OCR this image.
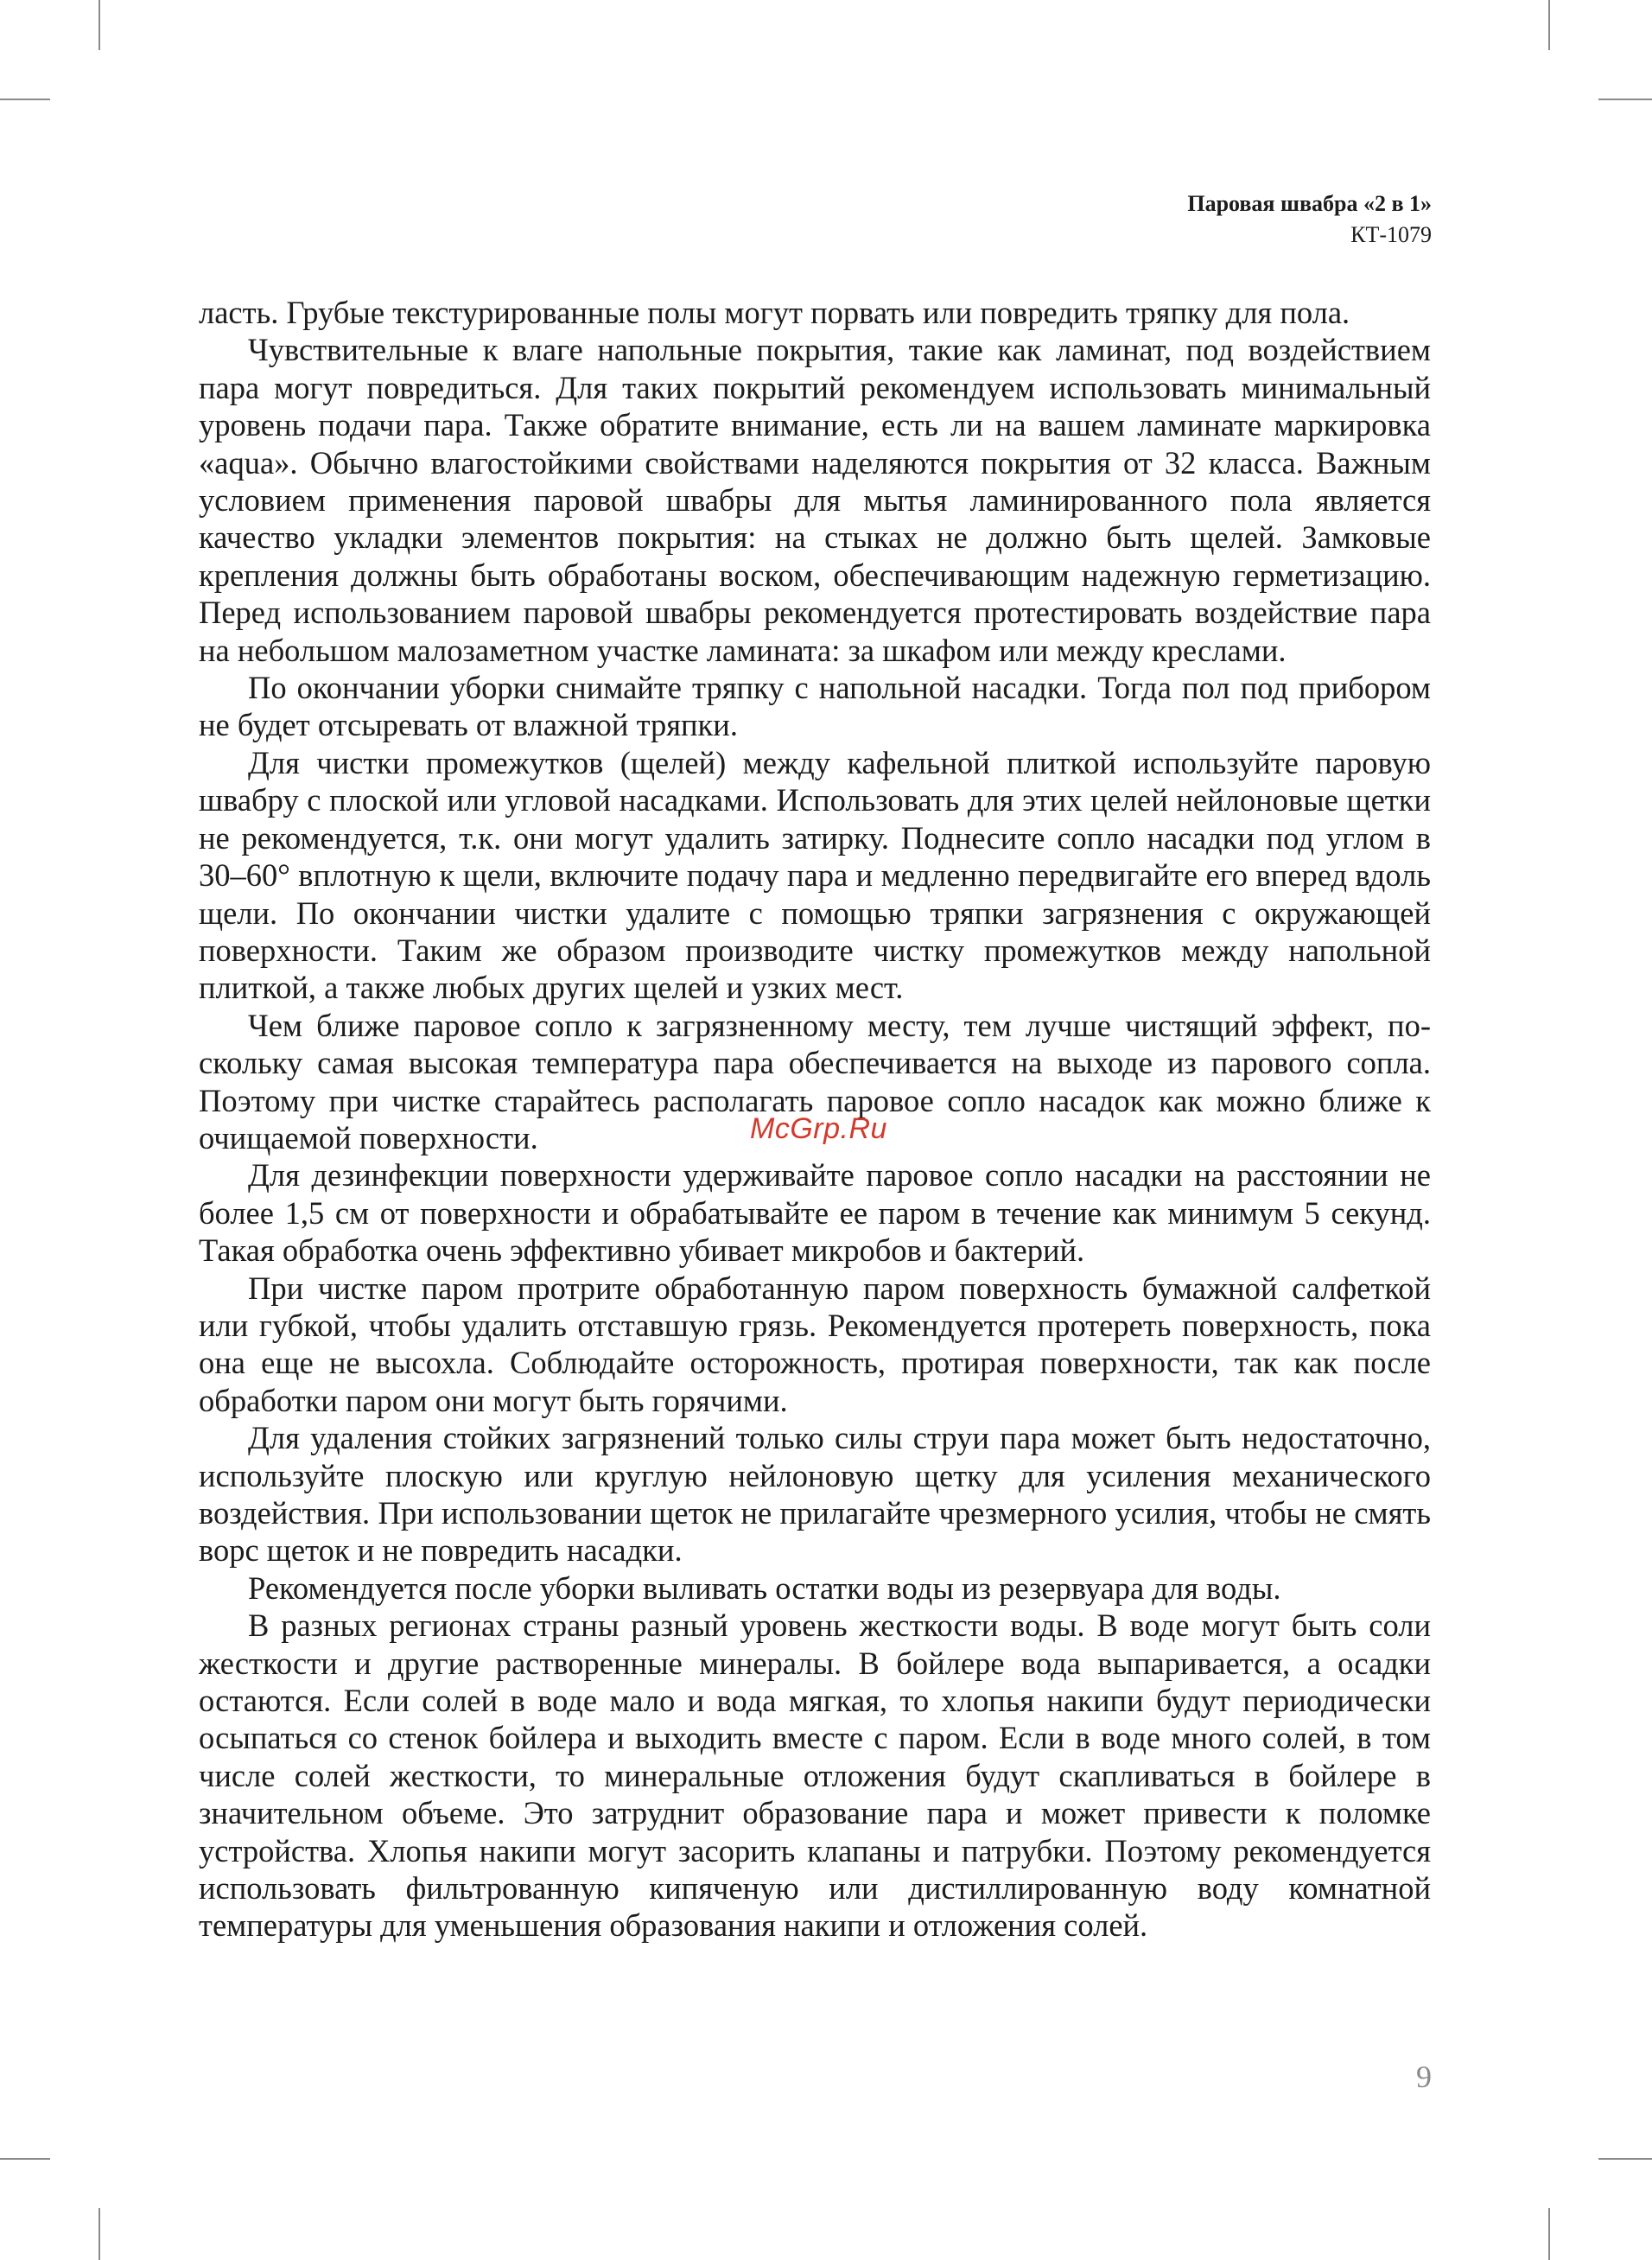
Паровая швабра «2 в 1»
КТ-1079

ласть. Грубые текстурированные полы могут порвать или повредить тряпку для пола.

Чувствительные к влаге напольные покрытия, такие как ламинат, под воздействием пара могут повредиться. Для таких покрытий рекомендуем использовать минимальный уровень подачи пара. Также обратите внимание, есть ли на вашем ламинате маркировка «aqua». Обычно влагостойкими свойствами наделяются покрытия от 32 класса. Важным условием применения паровой швабры для мытья ламинированного пола является качество укладки элементов покрытия: на стыках не должно быть щелей. Замковые крепления должны быть обработаны воском, обеспечивающим надежную герметизацию. Перед использованием паровой швабры рекомендуется протестировать воздействие пара на небольшом малозаметном участке ламината: за шкафом или между креслами.

По окончании уборки снимайте тряпку с напольной насадки. Тогда пол под прибором не будет отсыревать от влажной тряпки.

Для чистки промежутков (щелей) между кафельной плиткой используйте паровую швабру с плоской или угловой насадками. Использовать для этих целей нейлоновые щетки не рекомендуется, т.к. они могут удалить затирку. Поднесите сопло насадки под углом в 30–60° вплотную к щели, включите подачу пара и медленно передвигайте его вперед вдоль щели. По окончании чистки удалите с помощью тряпки загрязнения с окружающей поверхности. Таким же образом производите чистку промежутков между напольной плиткой, а также любых других щелей и узких мест.

Чем ближе паровое сопло к загрязненному месту, тем лучше чистящий эффект, поскольку самая высокая температура пара обеспечивается на выходе из парового сопла. Поэтому при чистке старайтесь располагать паровое сопло насадок как можно ближе к очищаемой поверхности.

Для дезинфекции поверхности удерживайте паровое сопло насадки на расстоянии не более 1,5 см от поверхности и обрабатывайте ее паром в течение как минимум 5 секунд. Такая обработка очень эффективно убивает микробов и бактерий.

При чистке паром протрите обработанную паром поверхность бумажной салфеткой или губкой, чтобы удалить отставшую грязь. Рекомендуется протереть поверхность, пока она еще не высохла. Соблюдайте осторожность, протирая поверхности, так как после обработки паром они могут быть горячими.

Для удаления стойких загрязнений только силы струи пара может быть недостаточно, используйте плоскую или круглую нейлоновую щетку для усиления механического воздействия. При использовании щеток не прилагайте чрезмерного усилия, чтобы не смять ворс щеток и не повредить насадки.

Рекомендуется после уборки выливать остатки воды из резервуара для воды.

В разных регионах страны разный уровень жесткости воды. В воде могут быть соли жесткости и другие растворенные минералы. В бойлере вода выпаривается, а осадки остаются. Если солей в воде мало и вода мягкая, то хлопья накипи будут периодически осыпаться со стенок бойлера и выходить вместе с паром. Если в воде много солей, в том числе солей жесткости, то минеральные отложения будут скапливаться в бойлере в значительном объеме. Это затруднит образование пара и может привести к поломке устройства. Хлопья накипи могут засорить клапаны и патрубки. Поэтому рекомендуется использовать фильтрованную кипяченую или дистиллированную воду комнатной температуры для уменьшения образования накипи и отложения солей.

McGrp.Ru
9
